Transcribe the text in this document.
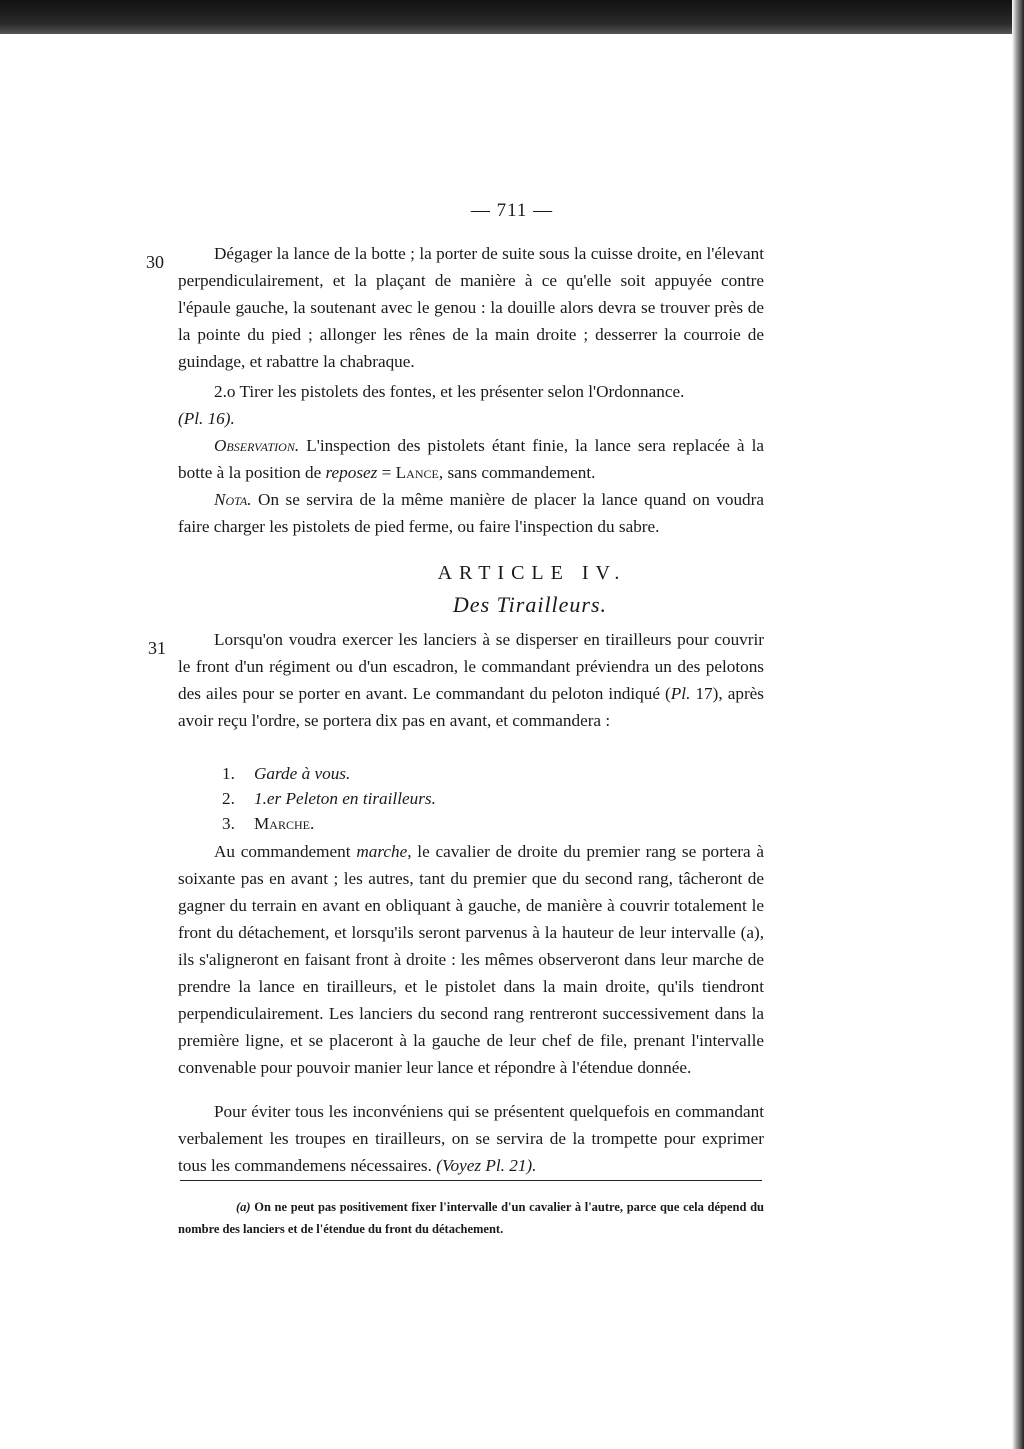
— 711 —
30	Dégager la lance de la botte ; la porter de suite sous la cuisse droite, en l'élevant perpendiculairement, et la plaçant de manière à ce qu'elle soit appuyée contre l'épaule gauche, la soutenant avec le genou : la douille alors devra se trouver près de la pointe du pied ; allonger les rênes de la main droite ; desserrer la courroie de guindage, et rabattre la chabraque.

2.o Tirer les pistolets des fontes, et les présenter selon l'Ordonnance.
(Pl. 16).

Observation. L'inspection des pistolets étant finie, la lance sera replacée à la botte à la position de reposez = Lance, sans commandement.

Nota. On se servira de la même manière de placer la lance quand on voudra faire charger les pistolets de pied ferme, ou faire l'inspection du sabre.

ARTICLE IV.
Des Tirailleurs.
31	Lorsqu'on voudra exercer les lanciers à se disperser en tirailleurs pour couvrir le front d'un régiment ou d'un escadron, le commandant préviendra un des pelotons des ailes pour se porter en avant. Le commandant du peloton indiqué (Pl. 17), après avoir reçu l'ordre, se portera dix pas en avant, et commandera :

1. Garde à vous.
2. 1.er Peleton en tirailleurs.
3. Marche.

Au commandement marche, le cavalier de droite du premier rang se portera à soixante pas en avant ; les autres, tant du premier que du second rang, tâcheront de gagner du terrain en avant en obliquant à gauche, de manière à couvrir totalement le front du détachement, et lorsqu'ils seront parvenus à la hauteur de leur intervalle (a), ils s'aligneront en faisant front à droite : les mêmes observeront dans leur marche de prendre la lance en tirailleurs, et le pistolet dans la main droite, qu'ils tiendront perpendiculairement. Les lanciers du second rang rentreront successivement dans la première ligne, et se placeront à la gauche de leur chef de file, prenant l'intervalle convenable pour pouvoir manier leur lance et répondre à l'étendue donnée.

Pour éviter tous les inconvéniens qui se présentent quelquefois en commandant verbalement les troupes en tirailleurs, on se servira de la trompette pour exprimer tous les commandemens nécessaires. (Voyez Pl. 21).

(a) On ne peut pas positivement fixer l'intervalle d'un cavalier à l'autre, parce que cela dépend du nombre des lanciers et de l'étendue du front du détachement.
